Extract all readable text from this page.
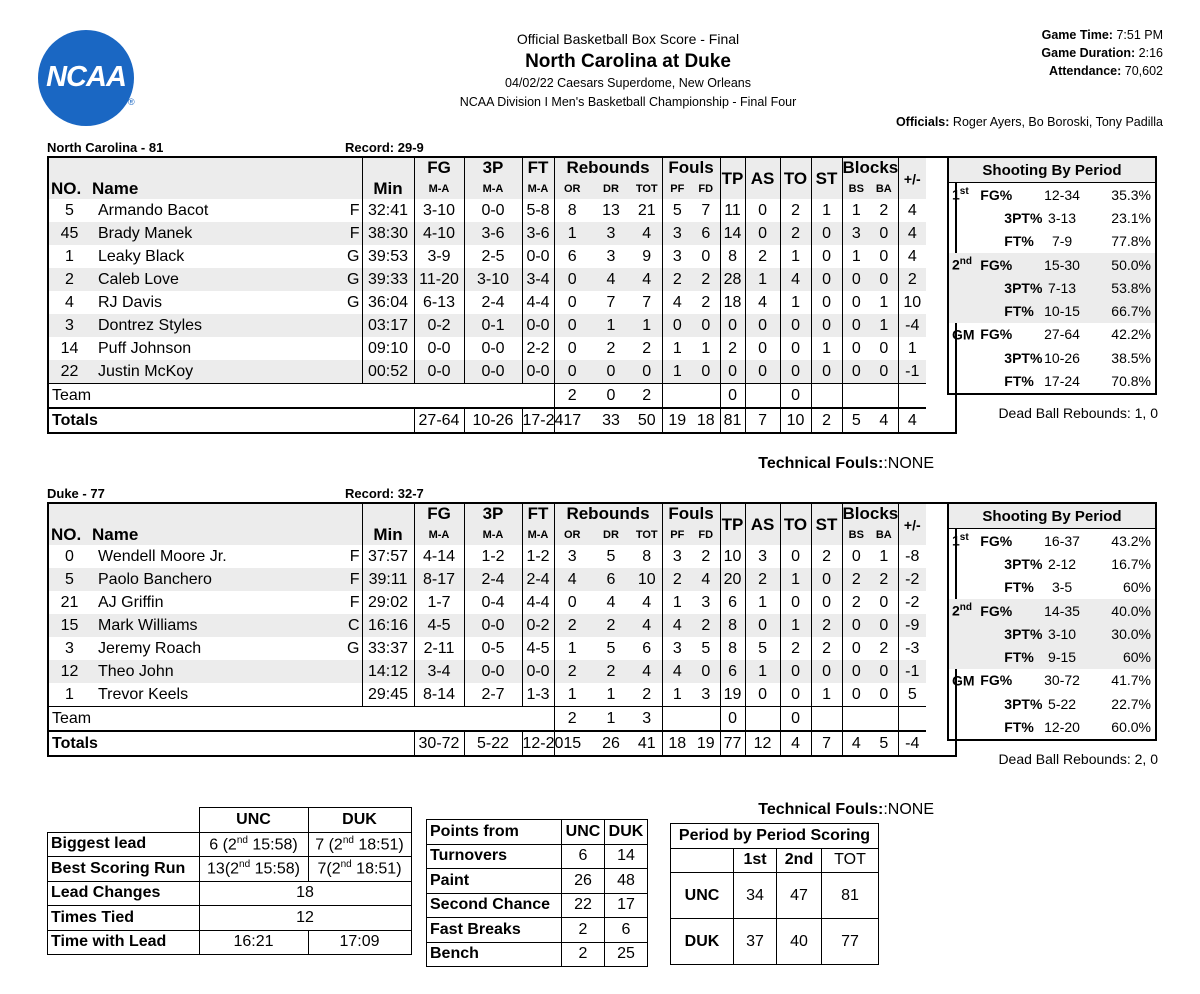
NCAA
®
Official Basketball Box Score - Final
North Carolina at Duke
04/02/22 Caesars Superdome, New Orleans
NCAA Division I Men's Basketball Championship - Final Four
Game Time: 7:51 PM
Game Duration: 2:16
Attendance: 70,602
Officials: Roger Ayers, Bo Boroski, Tony Padilla
North Carolina - 81	Record: 29-9
				FG	3P	FT	Rebounds			Fouls		TP	AS	TO	ST	Blocks		+/-
NO.	Name		Min	M-A	M-A	M-A	OR	DR	TOT	PF	FD					BS	BA	
5	Armando Bacot	F	32:41	3-10	0-0	5-8	8	13	21	5	7	11	0	2	1	1	2	4
45	Brady Manek	F	38:30	4-10	3-6	3-6	1	3	4	3	6	14	0	2	0	3	0	4
1	Leaky Black	G	39:53	3-9	2-5	0-0	6	3	9	3	0	8	2	1	0	1	0	4
2	Caleb Love	G	39:33	11-20	3-10	3-4	0	4	4	2	2	28	1	4	0	0	0	2
4	RJ Davis	G	36:04	6-13	2-4	4-4	0	7	7	4	2	18	4	1	0	0	1	10
3	Dontrez Styles		03:17	0-2	0-1	0-0	0	1	1	0	0	0	0	0	0	0	1	-4
14	Puff Johnson		09:10	0-0	0-0	2-2	0	2	2	1	1	2	0	0	1	0	0	1
22	Justin McKoy		00:52	0-0	0-0	0-0	0	0	0	1	0	0	0	0	0	0	0	-1
Team							2	0	2			0		0				
Totals				27-64	10-26	17-24	17	33	50	19	18	81	7	10	2	5	4	4
Technical Fouls::NONE
Shooting By Period			
1st	FG%	12-34	35.3%
	3PT%	3-13	23.1%
	FT%	7-9	77.8%
2nd	FG%	15-30	50.0%
	3PT%	7-13	53.8%
	FT%	10-15	66.7%
GM	FG%	27-64	42.2%
	3PT%	10-26	38.5%
	FT%	17-24	70.8%
Dead Ball Rebounds: 1, 0
Duke - 77	Record: 32-7
				FG	3P	FT	Rebounds			Fouls		TP	AS	TO	ST	Blocks		+/-
NO.	Name		Min	M-A	M-A	M-A	OR	DR	TOT	PF	FD					BS	BA	
0	Wendell Moore Jr.	F	37:57	4-14	1-2	1-2	3	5	8	3	2	10	3	0	2	0	1	-8
5	Paolo Banchero	F	39:11	8-17	2-4	2-4	4	6	10	2	4	20	2	1	0	2	2	-2
21	AJ Griffin	F	29:02	1-7	0-4	4-4	0	4	4	1	3	6	1	0	0	2	0	-2
15	Mark Williams	C	16:16	4-5	0-0	0-2	2	2	4	4	2	8	0	1	2	0	0	-9
3	Jeremy Roach	G	33:37	2-11	0-5	4-5	1	5	6	3	5	8	5	2	2	0	2	-3
12	Theo John		14:12	3-4	0-0	0-0	2	2	4	4	0	6	1	0	0	0	0	-1
1	Trevor Keels		29:45	8-14	2-7	1-3	1	1	2	1	3	19	0	0	1	0	0	5
Team							2	1	3			0		0				
Totals				30-72	5-22	12-20	15	26	41	18	19	77	12	4	7	4	5	-4
Technical Fouls::NONE
Shooting By Period			
1st	FG%	16-37	43.2%
	3PT%	2-12	16.7%
	FT%	3-5	60%
2nd	FG%	14-35	40.0%
	3PT%	3-10	30.0%
	FT%	9-15	60%
GM	FG%	30-72	41.7%
	3PT%	5-22	22.7%
	FT%	12-20	60.0%
Dead Ball Rebounds: 2, 0
	UNC	DUK
Biggest lead	6 (2nd 15:58)	7 (2nd 18:51)
Best Scoring Run	13(2nd 15:58)	7(2nd 18:51)
Lead Changes	18	
Times Tied	12	
Time with Lead	16:21	17:09
Points from	UNC	DUK
Turnovers	6	14
Paint	26	48
Second Chance	22	17
Fast Breaks	2	6
Bench	2	25
Period by Period Scoring			
	1st	2nd	TOT
UNC	34	47	81
DUK	37	40	77
